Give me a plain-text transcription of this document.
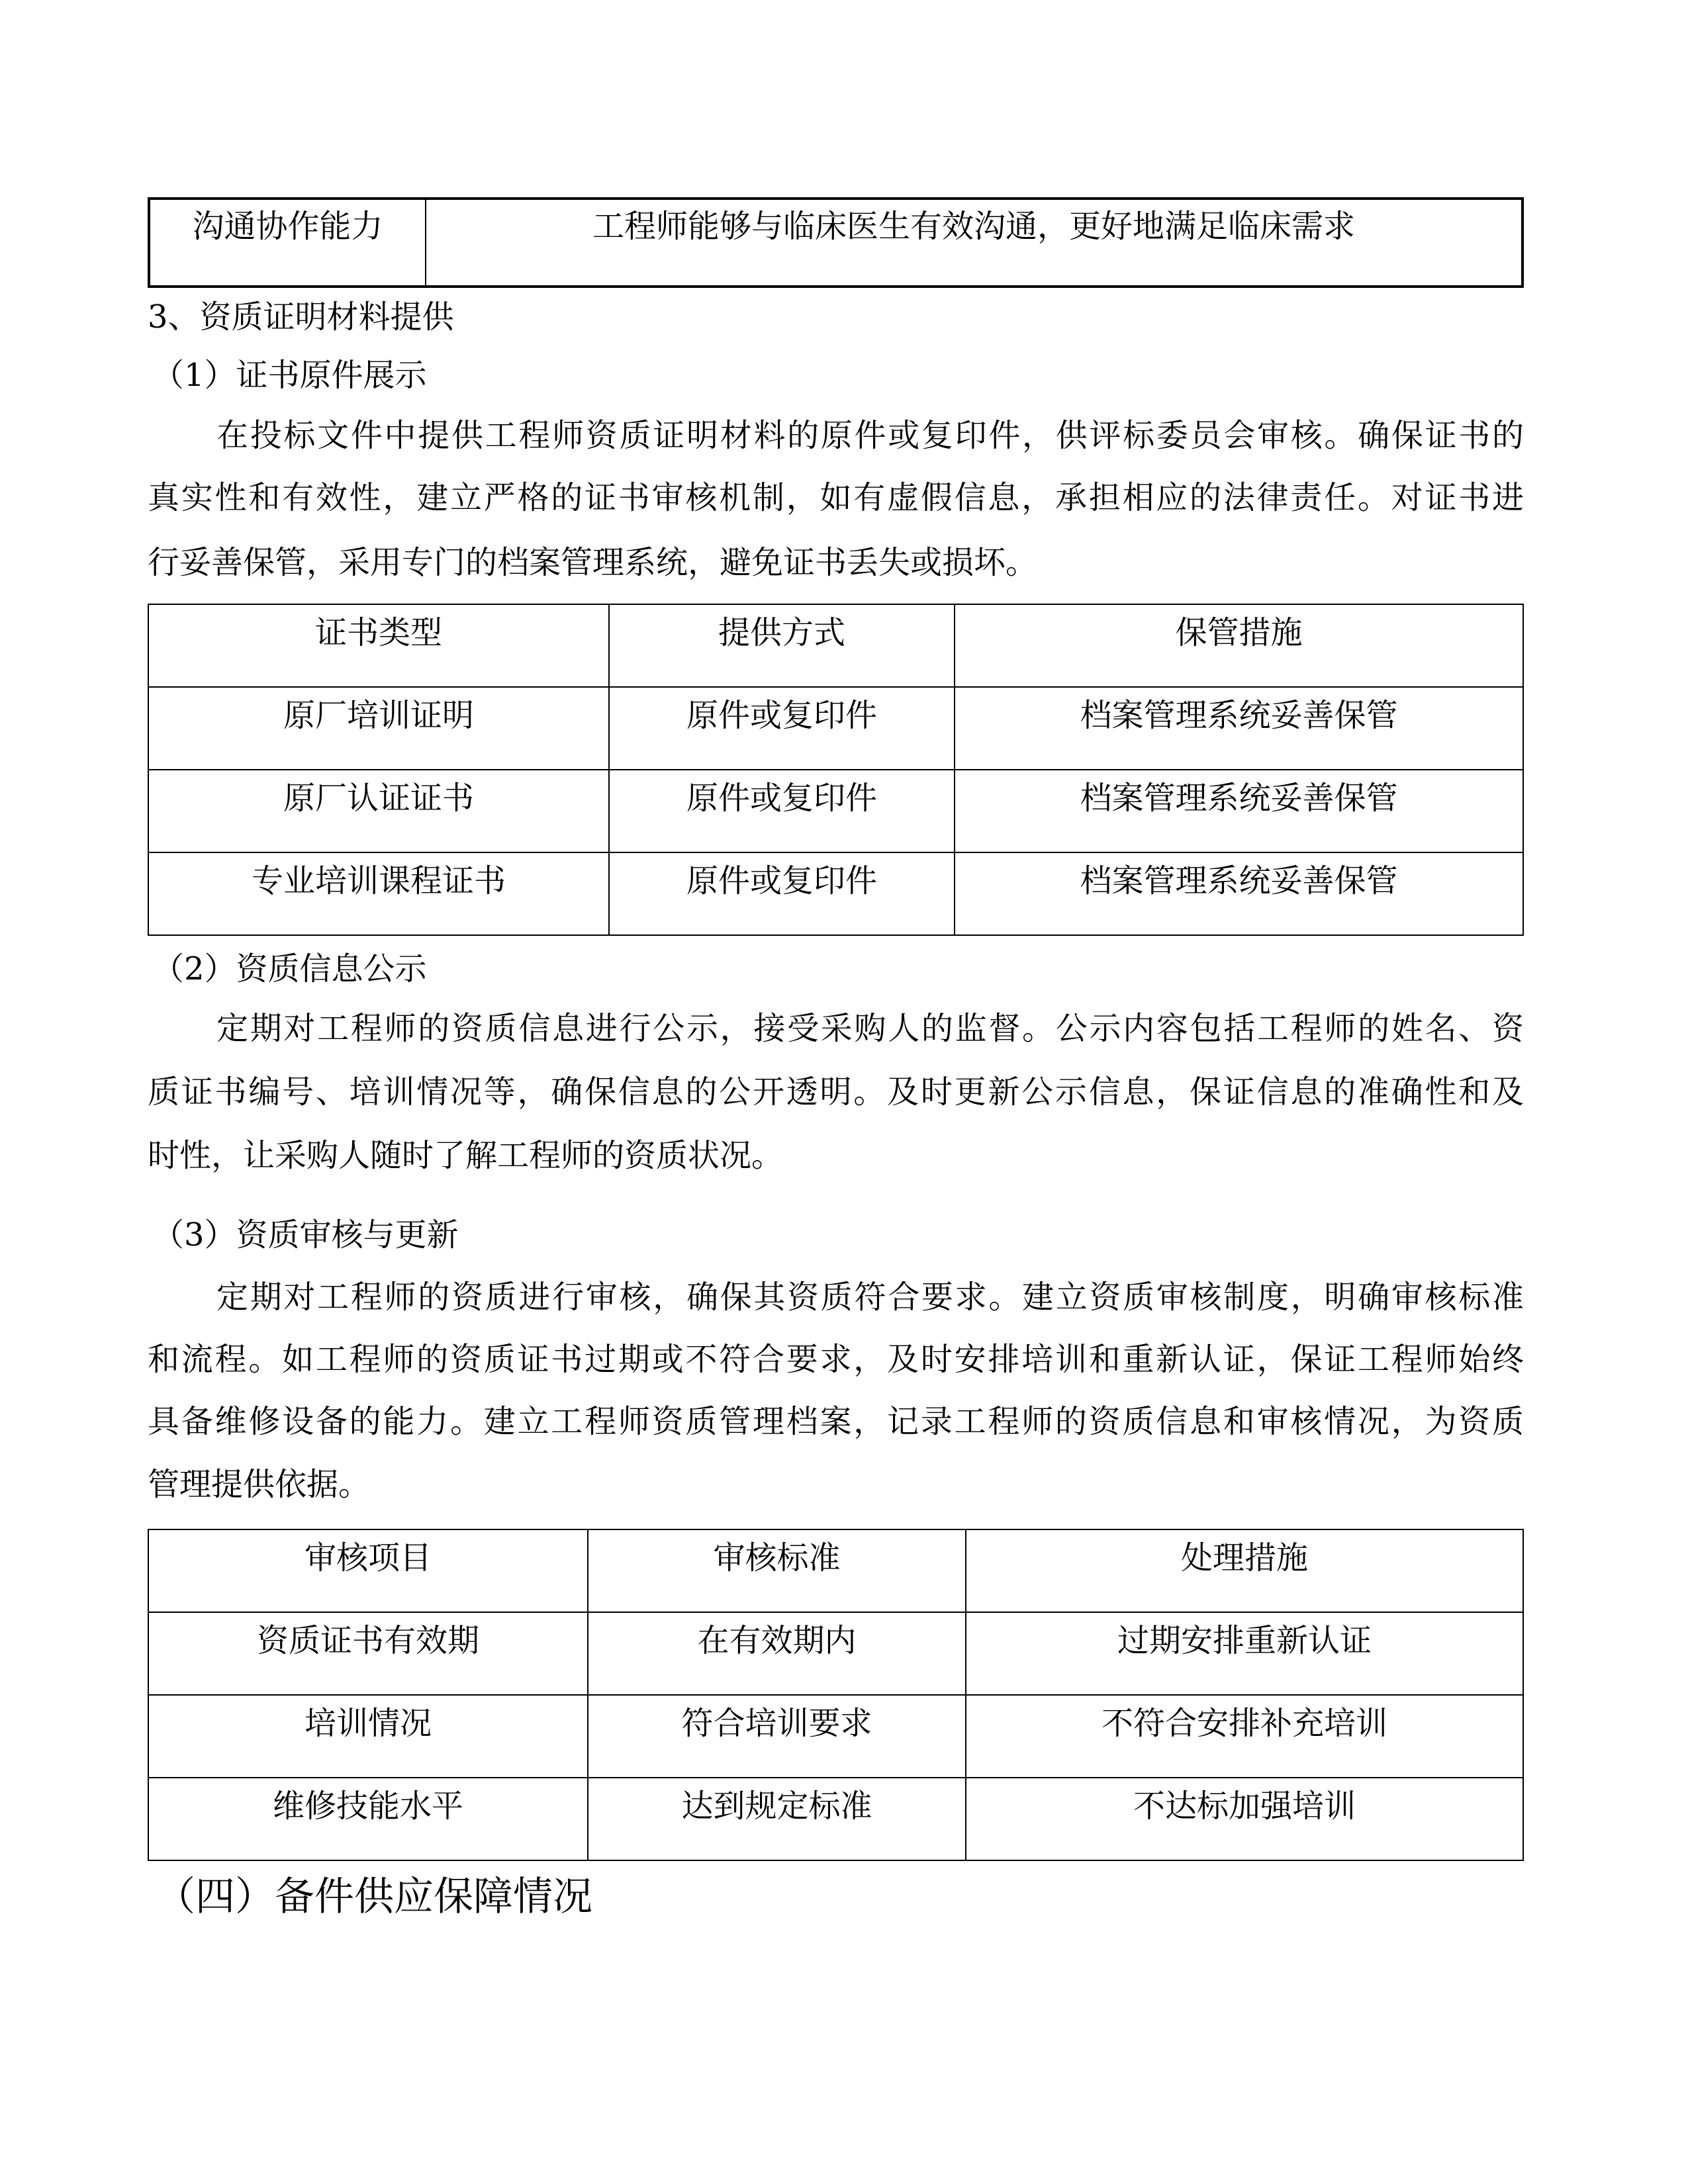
沟通协作能力	工程师能够与临床医生有效沟通，更好地满足临床需求
3、资质证明材料提供
（1）证书原件展示
在投标文件中提供工程师资质证明材料的原件或复印件，供评标委员会审核。确保证书的
真实性和有效性，建立严格的证书审核机制，如有虚假信息，承担相应的法律责任。对证书进
行妥善保管，采用专门的档案管理系统，避免证书丢失或损坏。
证书类型	提供方式	保管措施
原厂培训证明	原件或复印件	档案管理系统妥善保管
原厂认证证书	原件或复印件	档案管理系统妥善保管
专业培训课程证书	原件或复印件	档案管理系统妥善保管
（2）资质信息公示
定期对工程师的资质信息进行公示，接受采购人的监督。公示内容包括工程师的姓名、资
质证书编号、培训情况等，确保信息的公开透明。及时更新公示信息，保证信息的准确性和及
时性，让采购人随时了解工程师的资质状况。
（3）资质审核与更新
定期对工程师的资质进行审核，确保其资质符合要求。建立资质审核制度，明确审核标准
和流程。如工程师的资质证书过期或不符合要求，及时安排培训和重新认证，保证工程师始终
具备维修设备的能力。建立工程师资质管理档案，记录工程师的资质信息和审核情况，为资质
管理提供依据。
审核项目	审核标准	处理措施
资质证书有效期	在有效期内	过期安排重新认证
培训情况	符合培训要求	不符合安排补充培训
维修技能水平	达到规定标准	不达标加强培训
（四）备件供应保障情况
